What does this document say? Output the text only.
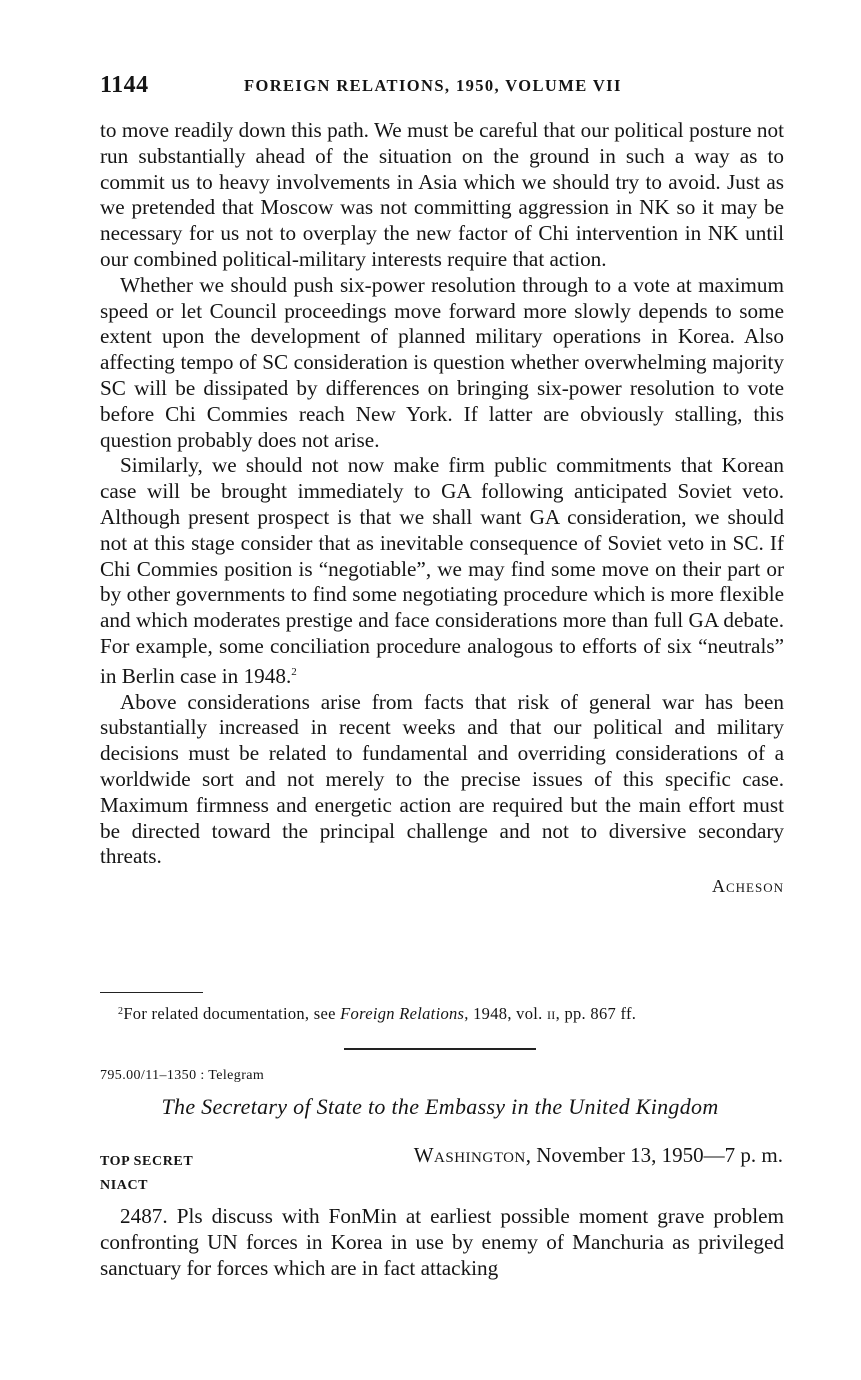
1144	FOREIGN RELATIONS, 1950, VOLUME VII

to move readily down this path. We must be careful that our political posture not run substantially ahead of the situation on the ground in such a way as to commit us to heavy involvements in Asia which we should try to avoid. Just as we pretended that Moscow was not committing aggression in NK so it may be necessary for us not to overplay the new factor of Chi intervention in NK until our combined political-military interests require that action.

Whether we should push six-power resolution through to a vote at maximum speed or let Council proceedings move forward more slowly depends to some extent upon the development of planned military operations in Korea. Also affecting tempo of SC consideration is question whether overwhelming majority SC will be dissipated by differences on bringing six-power resolution to vote before Chi Commies reach New York. If latter are obviously stalling, this question probably does not arise.

Similarly, we should not now make firm public commitments that Korean case will be brought immediately to GA following anticipated Soviet veto. Although present prospect is that we shall want GA consideration, we should not at this stage consider that as inevitable consequence of Soviet veto in SC. If Chi Commies position is “negotiable”, we may find some move on their part or by other governments to find some negotiating procedure which is more flexible and which moderates prestige and face considerations more than full GA debate. For example, some conciliation procedure analogous to efforts of six “neutrals” in Berlin case in 1948.$^2$

Above considerations arise from facts that risk of general war has been substantially increased in recent weeks and that our political and military decisions must be related to fundamental and overriding considerations of a worldwide sort and not merely to the precise issues of this specific case. Maximum firmness and energetic action are required but the main effort must be directed toward the principal challenge and not to diversive secondary threats.

Acheson
$^2$For related documentation, see Foreign Relations, 1948, vol. ii, pp. 867 ff.
795.00/11–1350 : Telegram
The Secretary of State to the Embassy in the United Kingdom
TOP SECRET
NIACT
Washington, November 13, 1950—7 p. m.

2487. Pls discuss with FonMin at earliest possible moment grave problem confronting UN forces in Korea in use by enemy of Manchuria as privileged sanctuary for forces which are in fact attacking
